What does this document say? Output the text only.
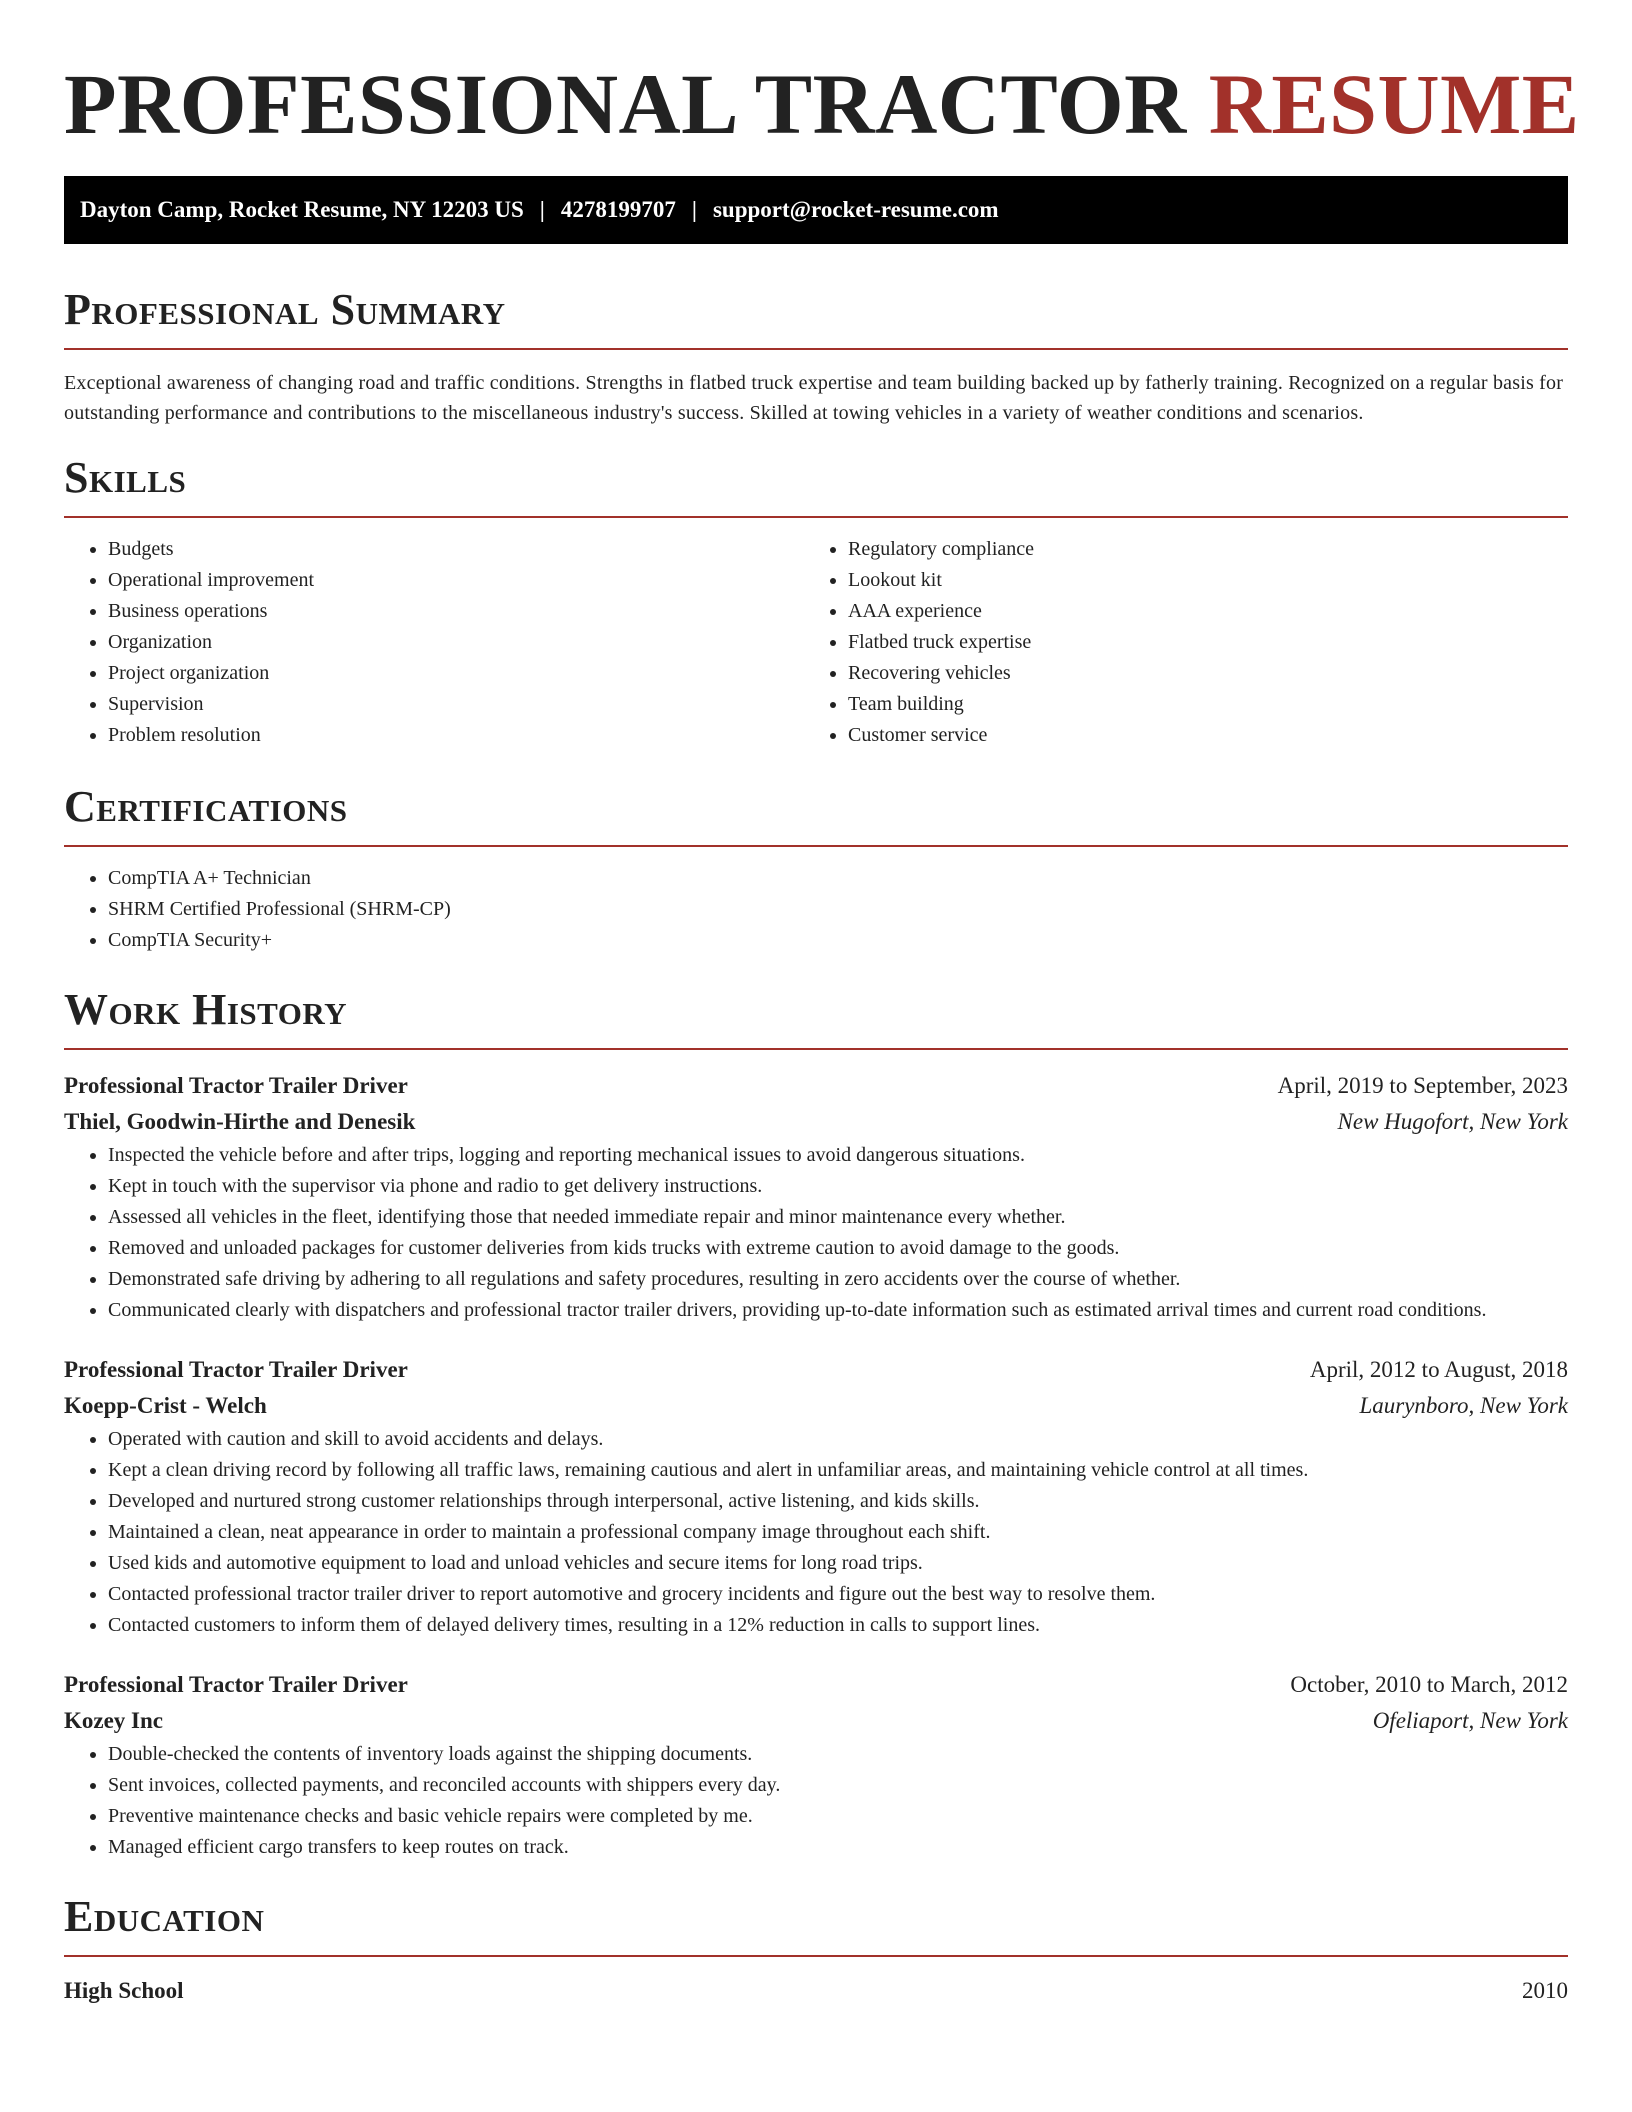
PROFESSIONAL TRACTOR RESUME
Dayton Camp, Rocket Resume, NY 12203 US | 4278199707 | support@rocket-resume.com
Professional Summary

Exceptional awareness of changing road and traffic conditions. Strengths in flatbed truck expertise and team building backed up by fatherly training. Recognized on a regular basis for outstanding performance and contributions to the miscellaneous industry's success. Skilled at towing vehicles in a variety of weather conditions and scenarios.

Skills
• Budgets
• Operational improvement
• Business operations
• Organization
• Project organization
• Supervision
• Problem resolution
• Regulatory compliance
• Lookout kit
• AAA experience
• Flatbed truck expertise
• Recovering vehicles
• Team building
• Customer service
Certifications
• CompTIA A+ Technician
• SHRM Certified Professional (SHRM-CP)
• CompTIA Security+
Work History
Professional Tractor Trailer Driver	April, 2019 to September, 2023
Thiel, Goodwin-Hirthe and Denesik	New Hugofort, New York
• Inspected the vehicle before and after trips, logging and reporting mechanical issues to avoid dangerous situations.
• Kept in touch with the supervisor via phone and radio to get delivery instructions.
• Assessed all vehicles in the fleet, identifying those that needed immediate repair and minor maintenance every whether.
• Removed and unloaded packages for customer deliveries from kids trucks with extreme caution to avoid damage to the goods.
• Demonstrated safe driving by adhering to all regulations and safety procedures, resulting in zero accidents over the course of whether.
• Communicated clearly with dispatchers and professional tractor trailer drivers, providing up-to-date information such as estimated arrival times and current road conditions.
Professional Tractor Trailer Driver	April, 2012 to August, 2018
Koepp-Crist - Welch	Laurynboro, New York
• Operated with caution and skill to avoid accidents and delays.
• Kept a clean driving record by following all traffic laws, remaining cautious and alert in unfamiliar areas, and maintaining vehicle control at all times.
• Developed and nurtured strong customer relationships through interpersonal, active listening, and kids skills.
• Maintained a clean, neat appearance in order to maintain a professional company image throughout each shift.
• Used kids and automotive equipment to load and unload vehicles and secure items for long road trips.
• Contacted professional tractor trailer driver to report automotive and grocery incidents and figure out the best way to resolve them.
• Contacted customers to inform them of delayed delivery times, resulting in a 12% reduction in calls to support lines.
Professional Tractor Trailer Driver	October, 2010 to March, 2012
Kozey Inc	Ofeliaport, New York
• Double-checked the contents of inventory loads against the shipping documents.
• Sent invoices, collected payments, and reconciled accounts with shippers every day.
• Preventive maintenance checks and basic vehicle repairs were completed by me.
• Managed efficient cargo transfers to keep routes on track.
Education
High School	2010
